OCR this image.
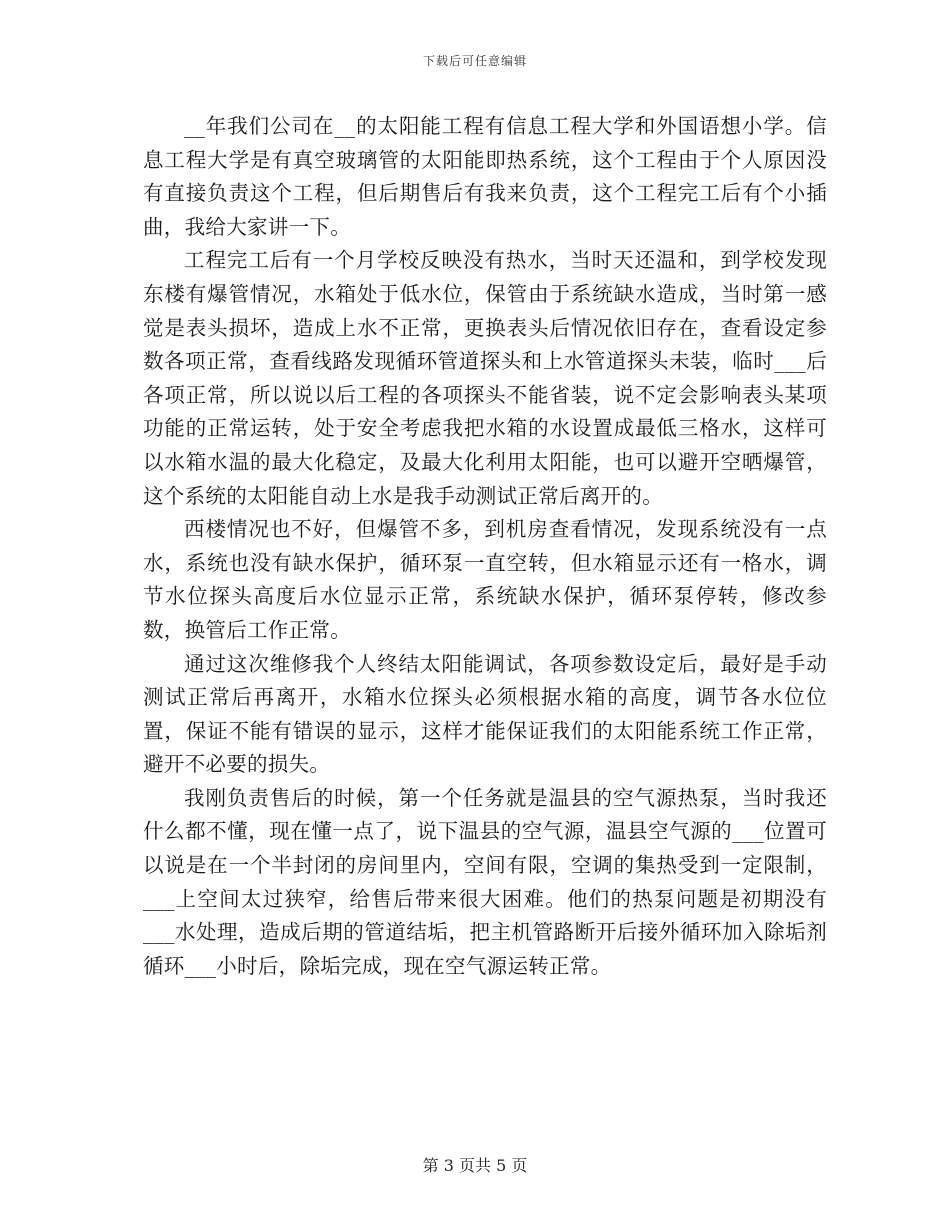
下载后可任意编辑

__年我们公司在__的太阳能工程有信息工程大学和外国语想小学。信息工程大学是有真空玻璃管的太阳能即热系统，这个工程由于个人原因没有直接负责这个工程，但后期售后有我来负责，这个工程完工后有个小插曲，我给大家讲一下。

工程完工后有一个月学校反映没有热水，当时天还温和，到学校发现东楼有爆管情况，水箱处于低水位，保管由于系统缺水造成，当时第一感觉是表头损坏，造成上水不正常，更换表头后情况依旧存在，查看设定参数各项正常，查看线路发现循环管道探头和上水管道探头未装，临时___后各项正常，所以说以后工程的各项探头不能省装，说不定会影响表头某项功能的正常运转，处于安全考虑我把水箱的水设置成最低三格水，这样可以水箱水温的最大化稳定，及最大化利用太阳能，也可以避开空晒爆管，这个系统的太阳能自动上水是我手动测试正常后离开的。

西楼情况也不好，但爆管不多，到机房查看情况，发现系统没有一点水，系统也没有缺水保护，循环泵一直空转，但水箱显示还有一格水，调节水位探头高度后水位显示正常，系统缺水保护，循环泵停转，修改参数，换管后工作正常。

通过这次维修我个人终结太阳能调试，各项参数设定后，最好是手动测试正常后再离开，水箱水位探头必须根据水箱的高度，调节各水位位置，保证不能有错误的显示，这样才能保证我们的太阳能系统工作正常，避开不必要的损失。

我刚负责售后的时候，第一个任务就是温县的空气源热泵，当时我还什么都不懂，现在懂一点了，说下温县的空气源，温县空气源的___位置可以说是在一个半封闭的房间里内，空间有限，空调的集热受到一定限制，___上空间太过狭窄，给售后带来很大困难。他们的热泵问题是初期没有___水处理，造成后期的管道结垢，把主机管路断开后接外循环加入除垢剂循环___小时后，除垢完成，现在空气源运转正常。

第 3 页共 5 页
